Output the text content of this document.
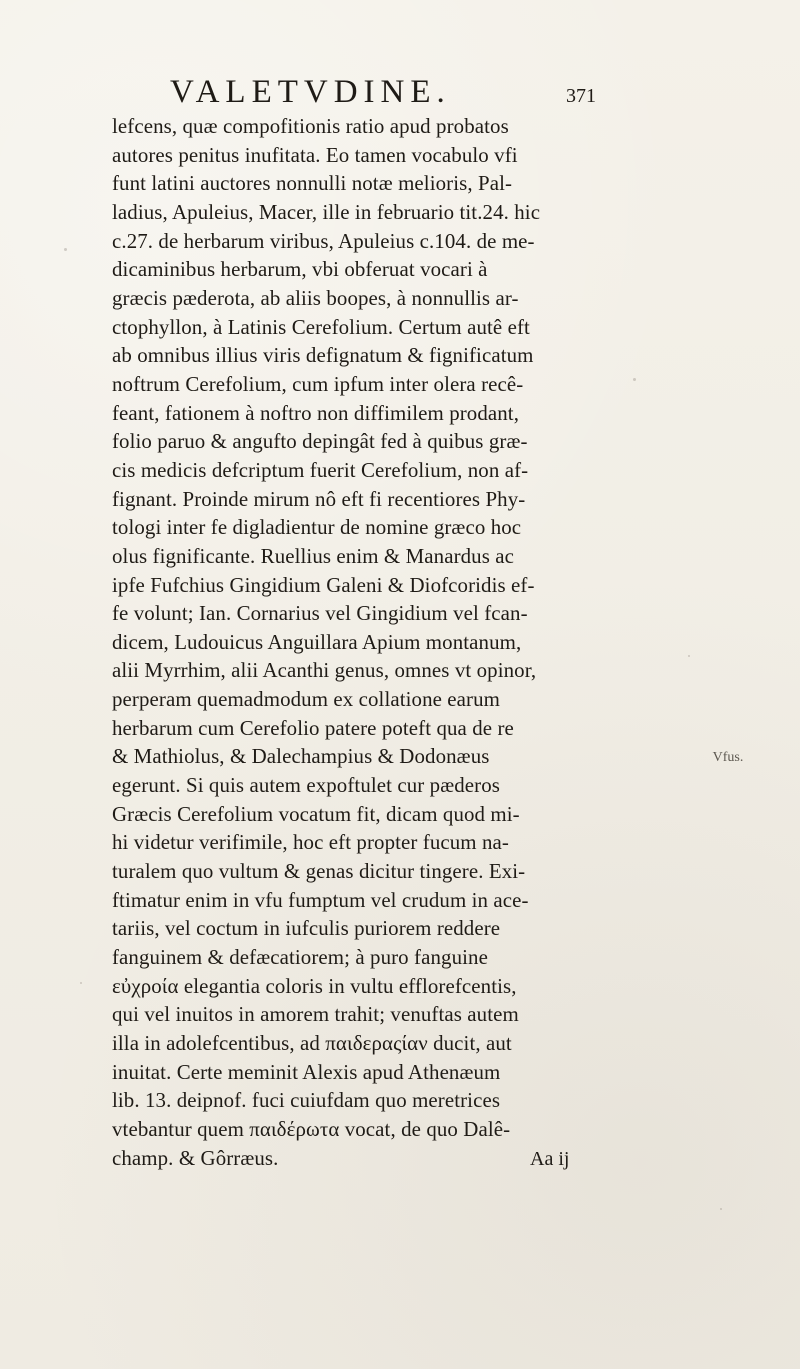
VALETVDINE.	371
lefcens, quæ compofitionis ratio apud probatos
autores penitus inufitata. Eo tamen vocabulo vfi
funt latini auctores nonnulli notæ melioris, Pal-
ladius, Apuleius, Macer, ille in februario tit.24. hic
c.27. de herbarum viribus, Apuleius c.104. de me-
dicaminibus herbarum, vbi obferuat vocari à
græcis pæderota, ab aliis boopes, à nonnullis ar-
ctophyllon, à Latinis Cerefolium. Certum autê eft
ab omnibus illius viris defignatum & fignificatum
noftrum Cerefolium, cum ipfum inter olera recê-
feant, fationem à noftro non diffimilem prodant,
folio paruo & angufto depingât fed à quibus græ-
cis medicis defcriptum fuerit Cerefolium, non af-
fignant. Proinde mirum nô eft fi recentiores Phy-
tologi inter fe digladientur de nomine græco hoc
olus fignificante. Ruellius enim & Manardus ac
ipfe Fufchius Gingidium Galeni & Diofcoridis ef-
fe volunt; Ian. Cornarius vel Gingidium vel fcan-
dicem, Ludouicus Anguillara Apium montanum,
alii Myrrhim, alii Acanthi genus, omnes vt opinor,
perperam quemadmodum ex collatione earum
herbarum cum Cerefolio patere poteft qua de re
& Mathiolus, & Dalechampius & Dodonæus
egerunt. Si quis autem expoftulet cur pæderos
Græcis Cerefolium vocatum fit, dicam quod mi-
hi videtur verifimile, hoc eft propter fucum na-
turalem quo vultum & genas dicitur tingere. Exi-
ftimatur enim in vfu fumptum vel crudum in ace-
tariis, vel coctum in iufculis puriorem reddere
fanguinem & defæcatiorem; à puro fanguine
εὐχροία elegantia coloris in vultu efflorefcentis,
qui vel inuitos in amorem trahit; venuftas autem
illa in adolefcentibus, ad παιδεραςίαν ducit, aut
inuitat. Certe meminit Alexis apud Athenæum
lib. 13. deipnof. fuci cuiufdam quo meretrices
vtebantur quem παιδέρωτα vocat, de quo Dalê-
champ. & Gôrræus.
Vfus.
Aa ij
